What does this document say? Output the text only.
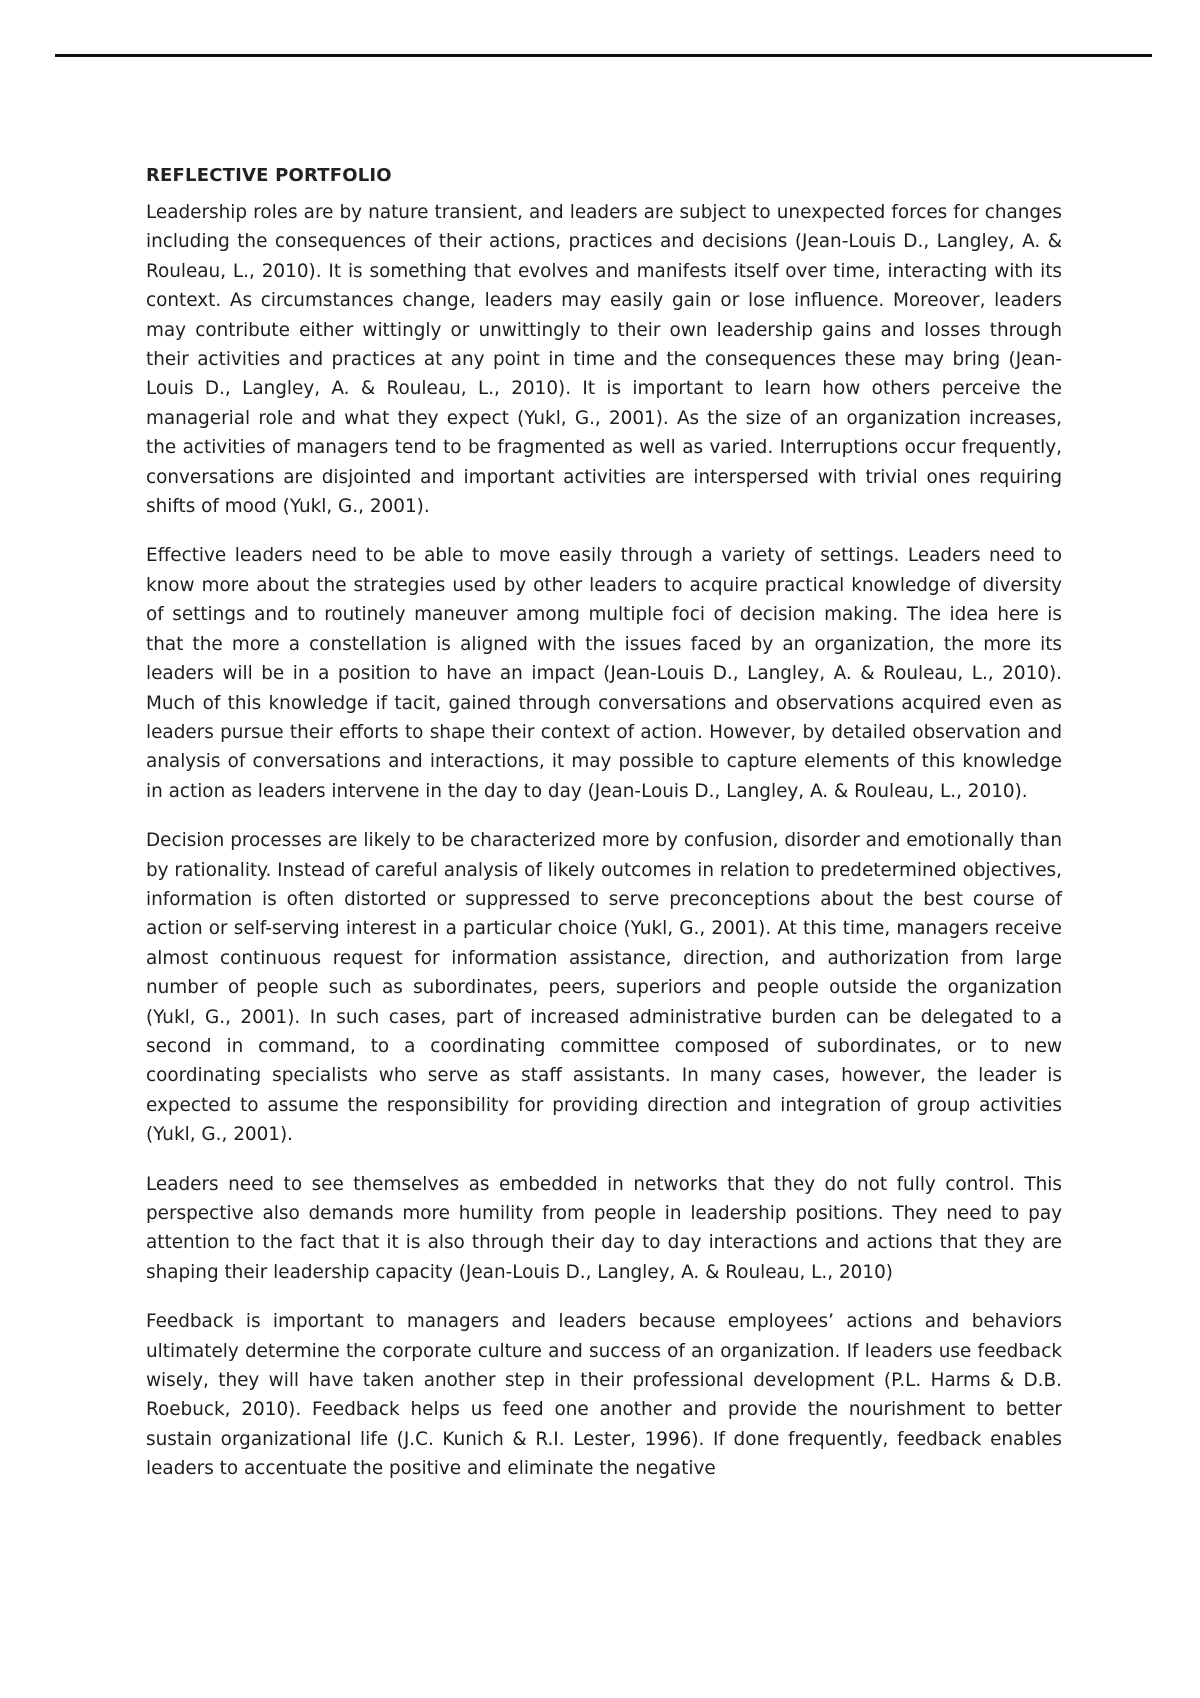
REFLECTIVE PORTFOLIO

Leadership roles are by nature transient, and leaders are subject to unexpected forces for changes including the consequences of their actions, practices and decisions (Jean-Louis D., Langley, A. & Rouleau, L., 2010). It is something that evolves and manifests itself over time, interacting with its context. As circumstances change, leaders may easily gain or lose influence. Moreover, leaders may contribute either wittingly or unwittingly to their own leadership gains and losses through their activities and practices at any point in time and the consequences these may bring (Jean-Louis D., Langley, A. & Rouleau, L., 2010). It is important to learn how others perceive the managerial role and what they expect (Yukl, G., 2001). As the size of an organization increases, the activities of managers tend to be fragmented as well as varied. Interruptions occur frequently, conversations are disjointed and important activities are interspersed with trivial ones requiring shifts of mood (Yukl, G., 2001).

Effective leaders need to be able to move easily through a variety of settings. Leaders need to know more about the strategies used by other leaders to acquire practical knowledge of diversity of settings and to routinely maneuver among multiple foci of decision making. The idea here is that the more a constellation is aligned with the issues faced by an organization, the more its leaders will be in a position to have an impact (Jean-Louis D., Langley, A. & Rouleau, L., 2010). Much of this knowledge if tacit, gained through conversations and observations acquired even as leaders pursue their efforts to shape their context of action. However, by detailed observation and analysis of conversations and interactions, it may possible to capture elements of this knowledge in action as leaders intervene in the day to day (Jean-Louis D., Langley, A. & Rouleau, L., 2010).

Decision processes are likely to be characterized more by confusion, disorder and emotionally than by rationality. Instead of careful analysis of likely outcomes in relation to predetermined objectives, information is often distorted or suppressed to serve preconceptions about the best course of action or self-serving interest in a particular choice (Yukl, G., 2001). At this time, managers receive almost continuous request for information assistance, direction, and authorization from large number of people such as subordinates, peers, superiors and people outside the organization (Yukl, G., 2001). In such cases, part of increased administrative burden can be delegated to a second in command, to a coordinating committee composed of subordinates, or to new coordinating specialists who serve as staff assistants. In many cases, however, the leader is expected to assume the responsibility for providing direction and integration of group activities (Yukl, G., 2001).

Leaders need to see themselves as embedded in networks that they do not fully control. This perspective also demands more humility from people in leadership positions. They need to pay attention to the fact that it is also through their day to day interactions and actions that they are shaping their leadership capacity (Jean-Louis D., Langley, A. & Rouleau, L., 2010)

Feedback is important to managers and leaders because employees’ actions and behaviors ultimately determine the corporate culture and success of an organization. If leaders use feedback wisely, they will have taken another step in their professional development (P.L. Harms & D.B. Roebuck, 2010). Feedback helps us feed one another and provide the nourishment to better sustain organizational life (J.C. Kunich & R.I. Lester, 1996). If done frequently, feedback enables leaders to accentuate the positive and eliminate the negative
